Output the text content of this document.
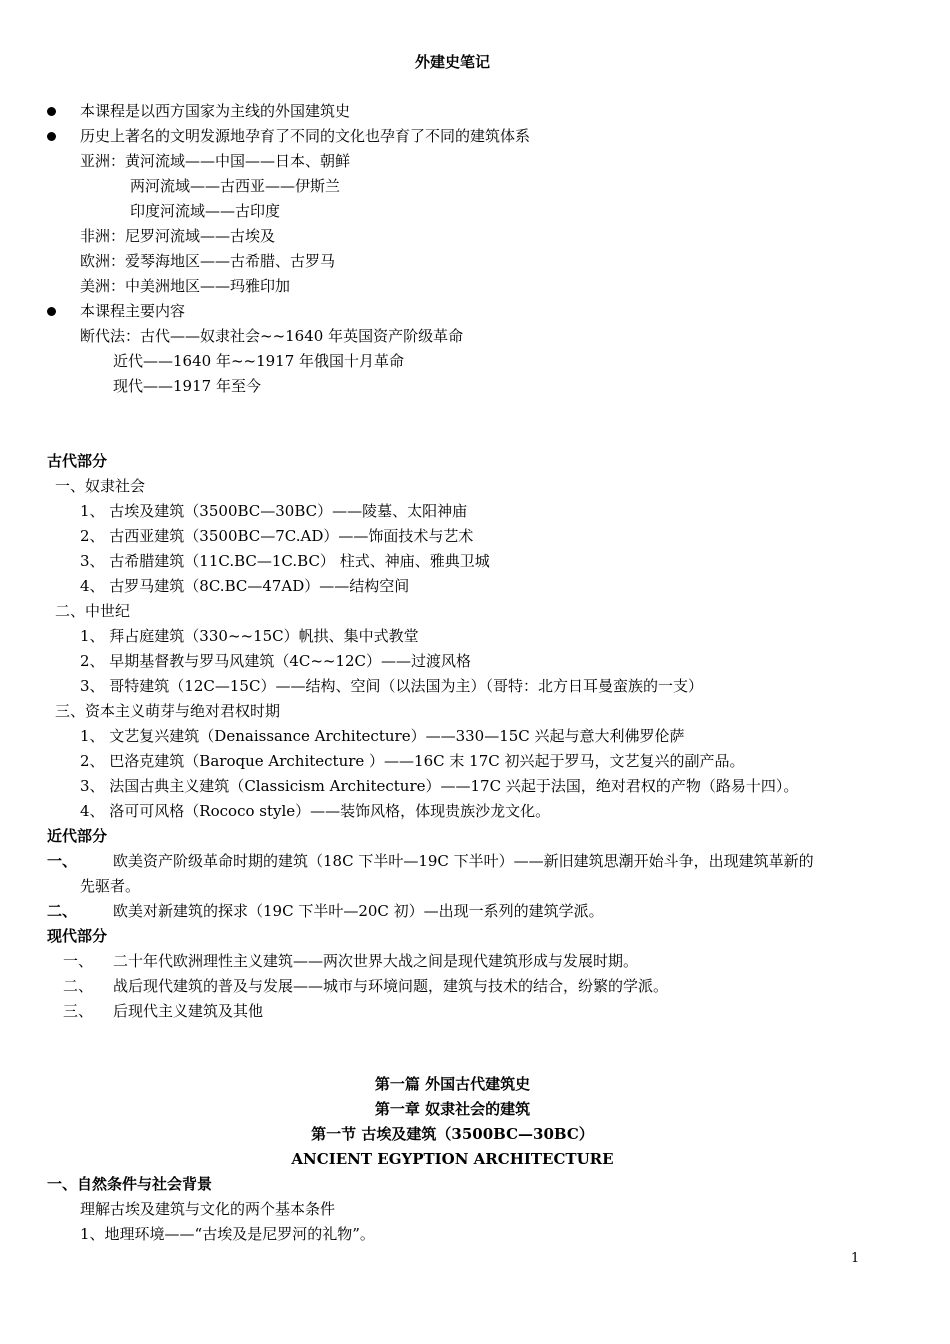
外建史笔记
本课程是以西方国家为主线的外国建筑史
历史上著名的文明发源地孕育了不同的文化也孕育了不同的建筑体系
亚洲：黄河流域——中国——日本、朝鲜
两河流域——古西亚——伊斯兰
印度河流域——古印度
非洲：尼罗河流域——古埃及
欧洲：爱琴海地区——古希腊、古罗马
美洲：中美洲地区——玛雅印加
本课程主要内容
断代法：古代——奴隶社会~~1640 年英国资产阶级革命
近代——1640 年~~1917 年俄国十月革命
现代——1917 年至今
古代部分
一、奴隶社会
1、 古埃及建筑（3500BC—30BC）——陵墓、太阳神庙
2、 古西亚建筑（3500BC—7C.AD）——饰面技术与艺术
3、 古希腊建筑（11C.BC—1C.BC） 柱式、神庙、雅典卫城
4、 古罗马建筑（8C.BC—47AD）——结构空间
二、中世纪
1、 拜占庭建筑（330~~15C）帆拱、集中式教堂
2、 早期基督教与罗马风建筑（4C~~12C）——过渡风格
3、 哥特建筑（12C—15C）——结构、空间（以法国为主）（哥特：北方日耳曼蛮族的一支）
三、资本主义萌芽与绝对君权时期
1、 文艺复兴建筑（Denaissance Architecture）——330—15C 兴起与意大利佛罗伦萨
2、 巴洛克建筑（Baroque Architecture ）——16C 末 17C 初兴起于罗马，文艺复兴的副产品。
3、 法国古典主义建筑（Classicism Architecture）——17C 兴起于法国，绝对君权的产物（路易十四）。
4、 洛可可风格（Rococo style）——装饰风格，体现贵族沙龙文化。
近代部分
一、 欧美资产阶级革命时期的建筑（18C 下半叶—19C 下半叶）——新旧建筑思潮开始斗争，出现建筑革新的
先驱者。
二、 欧美对新建筑的探求（19C 下半叶—20C 初）—出现一系列的建筑学派。
现代部分
一、 二十年代欧洲理性主义建筑——两次世界大战之间是现代建筑形成与发展时期。
二、 战后现代建筑的普及与发展——城市与环境问题，建筑与技术的结合，纷繁的学派。
三、 后现代主义建筑及其他
第一篇 外国古代建筑史
第一章 奴隶社会的建筑
第一节 古埃及建筑（3500BC—30BC）
ANCIENT EGYPTION ARCHITECTURE
一、自然条件与社会背景
理解古埃及建筑与文化的两个基本条件
1、地理环境——“古埃及是尼罗河的礼物”。
1
